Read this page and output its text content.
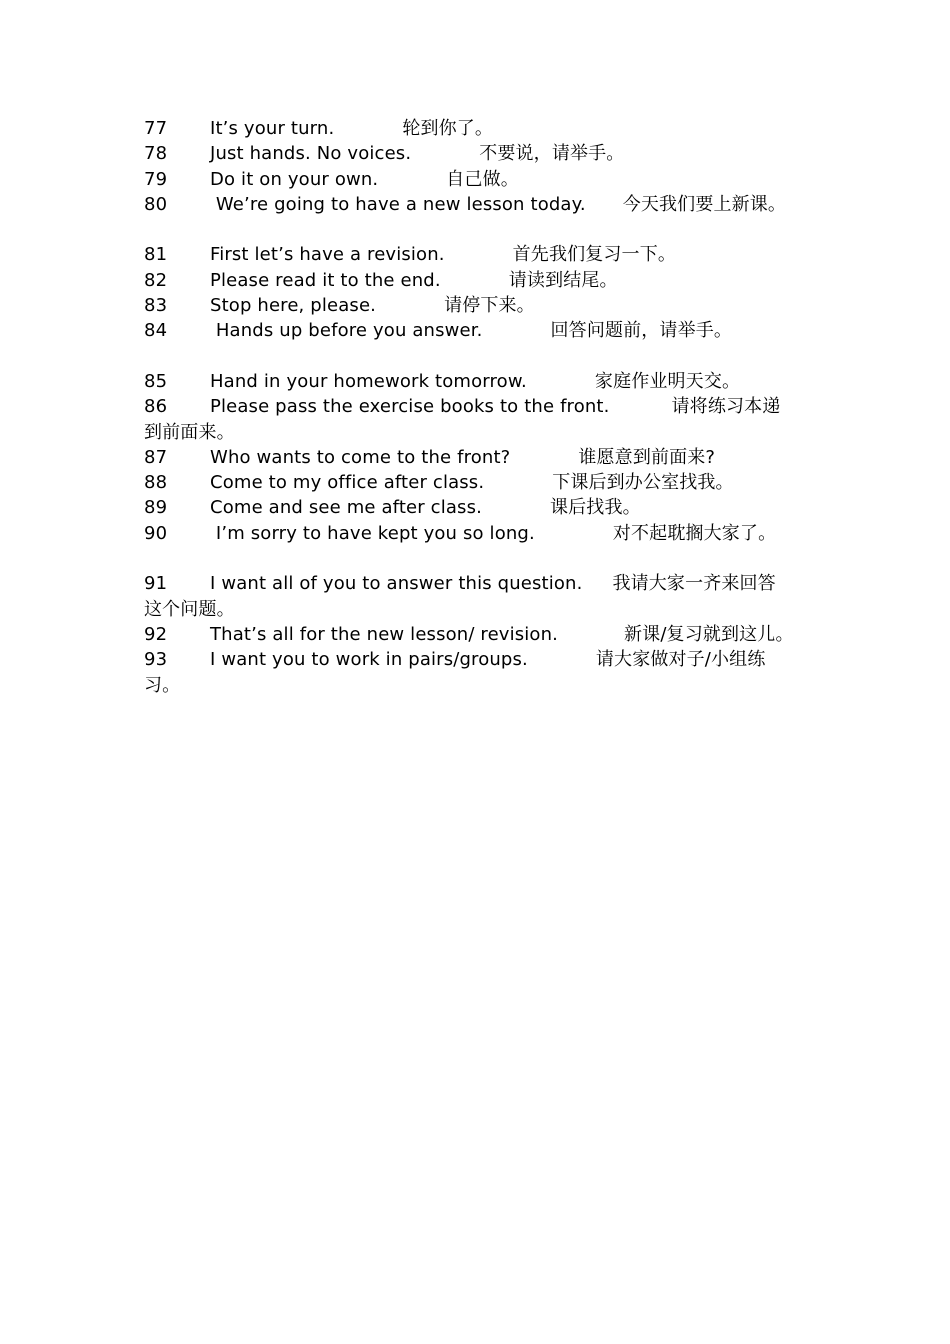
77 It’s your turn.	轮到你了。
78 Just hands. No voices.	不要说，请举手。
79 Do it on your own.	自己做。
80 We’re going to have a new lesson today. 今天我们要上新课。
81 First let’s have a revision.	首先我们复习一下。
82 Please read it to the end.	请读到结尾。
83 Stop here, please.	请停下来。
84 Hands up before you answer.	回答问题前，请举手。
85 Hand in your homework tomorrow.	家庭作业明天交。
86 Please pass the exercise books to the front.	请将练习本递
到前面来。
87 Who wants to come to the front?	谁愿意到前面来?
88 Come to my office after class.	下课后到办公室找我。
89 Come and see me after class.	课后找我。
90 I’m sorry to have kept you so long.	对不起耽搁大家了。
91 I want all of you to answer this question. 我请大家一齐来回答
这个问题。
92 That’s all for the new lesson/ revision.	新课/复习就到这儿。
93 I want you to work in pairs/groups.	请大家做对子/小组练
习。
